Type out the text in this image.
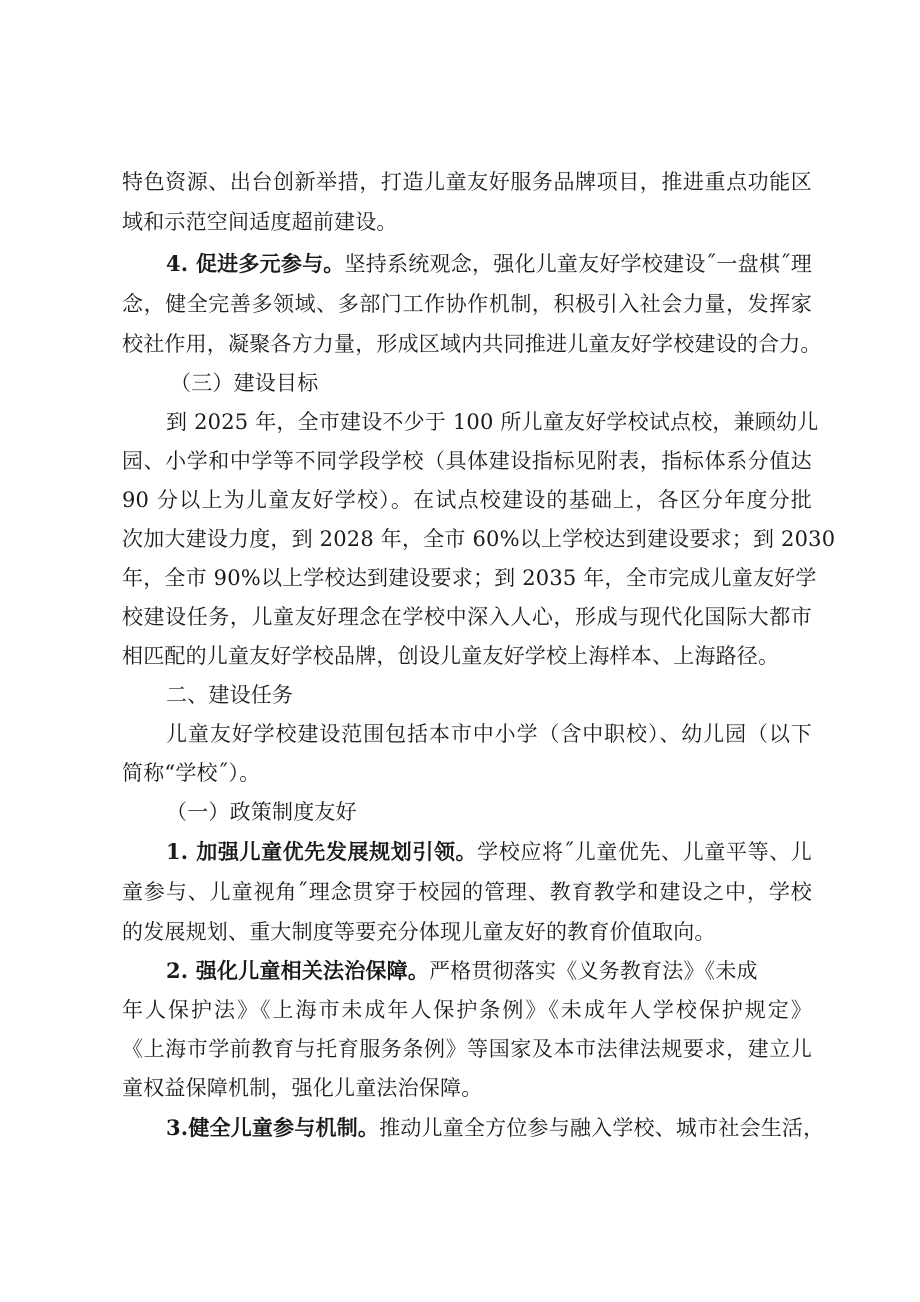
特色资源、出台创新举措，打造儿童友好服务品牌项目，推进重点功能区
域和示范空间适度超前建设。
4. 促进多元参与。坚持系统观念，强化儿童友好学校建设˝一盘棋˝理
念，健全完善多领域、多部门工作协作机制，积极引入社会力量，发挥家
校社作用，凝聚各方力量，形成区域内共同推进儿童友好学校建设的合力。
（三）建设目标
到 2025 年，全市建设不少于 100 所儿童友好学校试点校，兼顾幼儿
园、小学和中学等不同学段学校（具体建设指标见附表，指标体系分值达
90 分以上为儿童友好学校）。在试点校建设的基础上，各区分年度分批
次加大建设力度，到 2028 年，全市 60%以上学校达到建设要求；到 2030
年，全市 90%以上学校达到建设要求；到 2035 年，全市完成儿童友好学
校建设任务，儿童友好理念在学校中深入人心，形成与现代化国际大都市
相匹配的儿童友好学校品牌，创设儿童友好学校上海样本、上海路径。
二、建设任务
儿童友好学校建设范围包括本市中小学（含中职校）、幼儿园（以下
简称“学校˝）。
（一）政策制度友好
1. 加强儿童优先发展规划引领。学校应将˝儿童优先、儿童平等、儿
童参与、儿童视角˝理念贯穿于校园的管理、教育教学和建设之中，学校
的发展规划、重大制度等要充分体现儿童友好的教育价值取向。
2. 强化儿童相关法治保障。严格贯彻落实《义务教育法》《未成
年人保护法》《上海市未成年人保护条例》《未成年人学校保护规定》
《上海市学前教育与托育服务条例》等国家及本市法律法规要求，建立儿
童权益保障机制，强化儿童法治保障。
3.健全儿童参与机制。推动儿童全方位参与融入学校、城市社会生活，
